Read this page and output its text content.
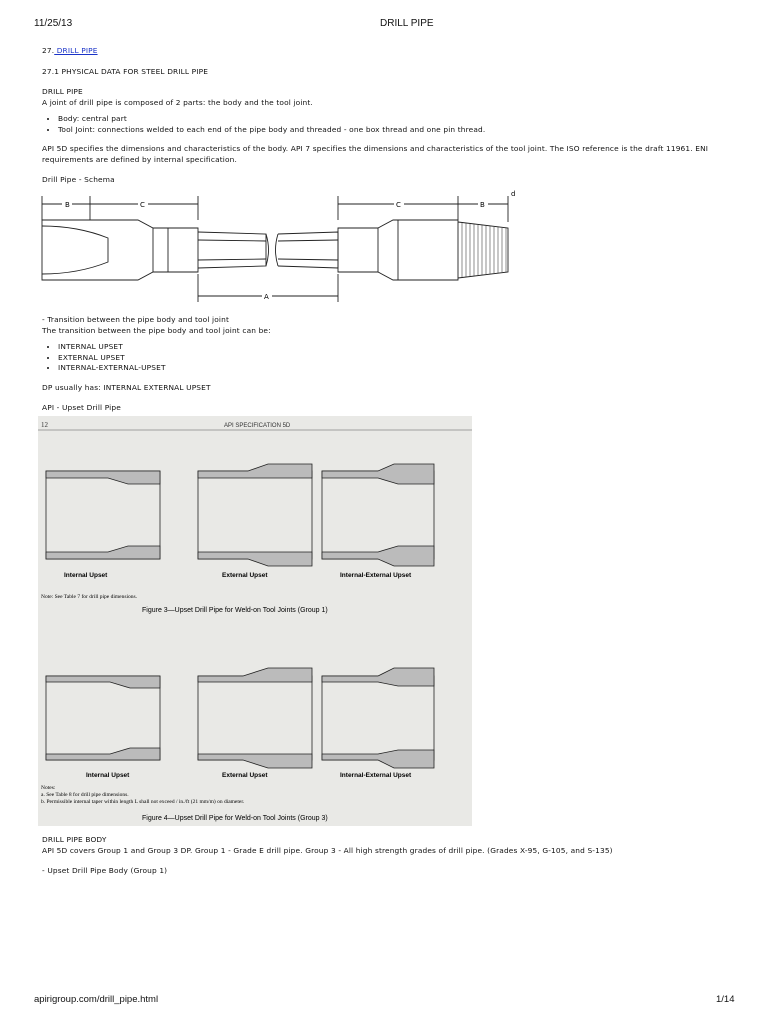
11/25/13	DRILL PIPE
27. DRILL PIPE
27.1 PHYSICAL DATA FOR STEEL DRILL PIPE
DRILL PIPE
A joint of drill pipe is composed of 2 parts: the body and the tool joint.
• Body: central part
• Tool Joint: connections welded to each end of the pipe body and threaded - one box thread and one pin thread.
API 5D specifies the dimensions and characteristics of the body. API 7 specifies the dimensions and characteristics of the tool joint. The ISO reference is the draft 11961. ENI requirements are defined by internal specification.
Drill Pipe - Schema
B	C	C	B
d
A
- Transition between the pipe body and tool joint
The transition between the pipe body and tool joint can be:
• INTERNAL UPSET
• EXTERNAL UPSET
• INTERNAL-EXTERNAL-UPSET
DP usually has: INTERNAL EXTERNAL UPSET
API - Upset Drill Pipe
12	API SPECIFICATION 5D
Internal Upset	External Upset	Internal-External Upset
Note: See Table 7 for drill pipe dimensions.
Figure 3—Upset Drill Pipe for Weld-on Tool Joints (Group 1)
Internal Upset	External Upset	Internal-External Upset
Notes:
a. See Table 8 for drill pipe dimensions.
b. Permissible internal taper within length L shall not exceed / in./ft (21 mm/m) on diameter.
Figure 4—Upset Drill Pipe for Weld-on Tool Joints (Group 3)
DRILL PIPE BODY
API 5D covers Group 1 and Group 3 DP. Group 1 - Grade E drill pipe. Group 3 - All high strength grades of drill pipe. (Grades X-95, G-105, and S-135)
- Upset Drill Pipe Body (Group 1)
apirigroup.com/drill_pipe.html	1/14
